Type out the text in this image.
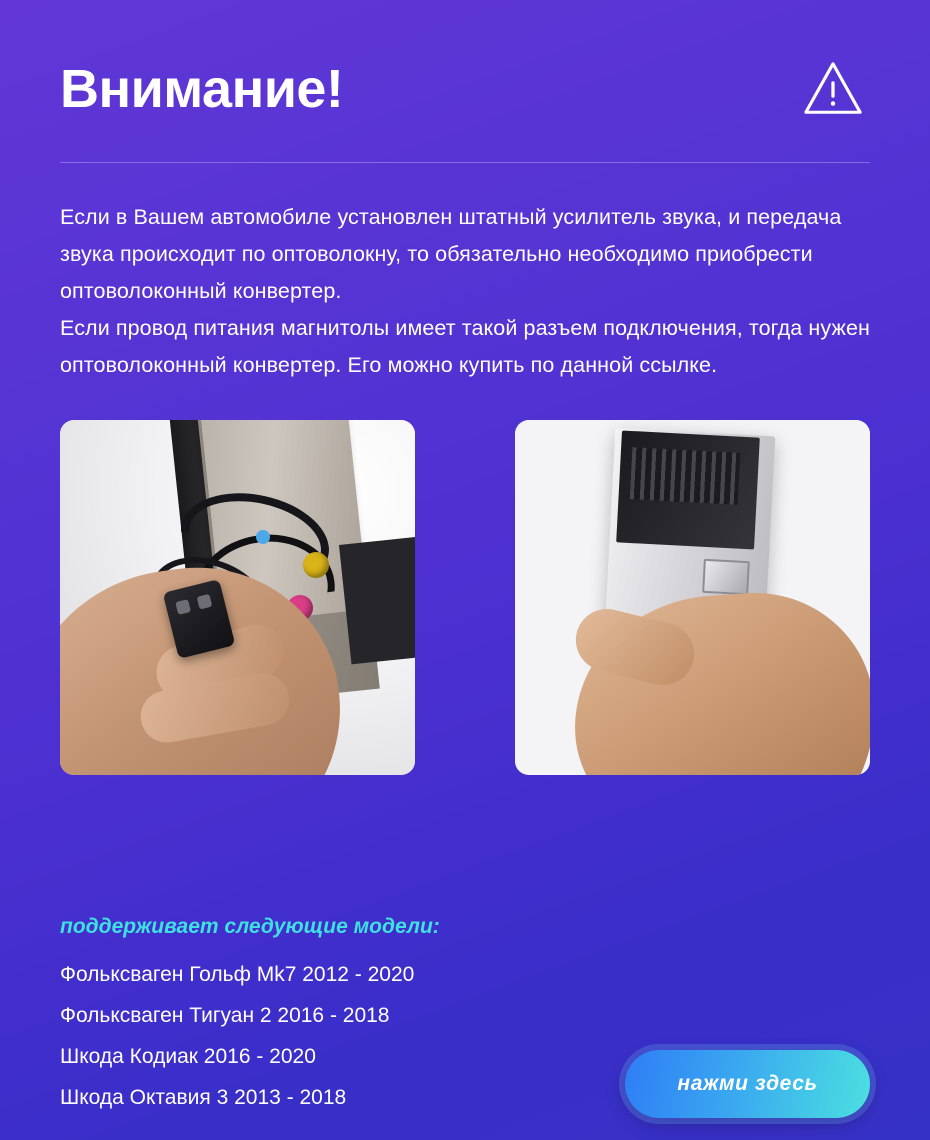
Внимание!

Если в Вашем автомобиле установлен штатный усилитель звука, и передача звука происходит по оптоволокну, то обязательно необходимо приобрести оптоволоконный конвертер.

Если провод питания магнитолы имеет такой разъем подключения, тогда нужен оптоволоконный конвертер. Его можно купить по данной ссылке.

поддерживает следующие модели:
Фольксваген Гольф Mk7 2012 - 2020
Фольксваген Тигуан 2 2016 - 2018
Шкода Кодиак 2016 - 2020
Шкода Октавия 3 2013 - 2018
нажми здесь
